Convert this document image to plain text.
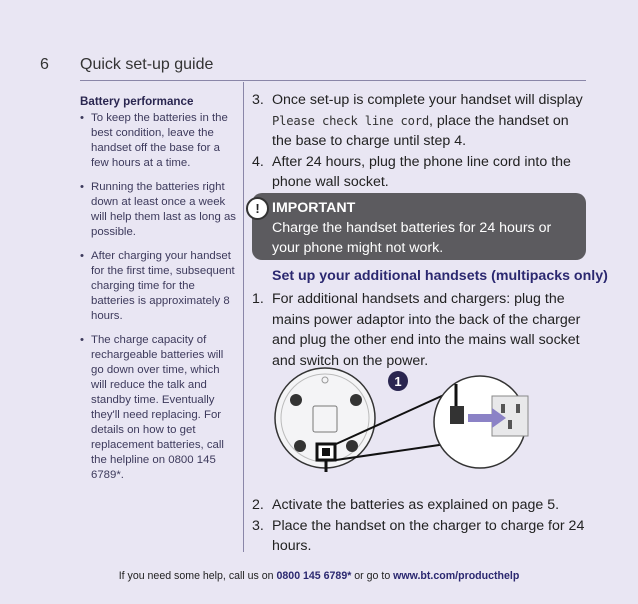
6 Quick set-up guide
Battery performance
• To keep the batteries in the best condition, leave the handset off the base for a few hours at a time.
• Running the batteries right down at least once a week will help them last as long as possible.
• After charging your handset for the first time, subsequent charging time for the batteries is approximately 8 hours.
• The charge capacity of rechargeable batteries will go down over time, which will reduce the talk and standby time. Eventually they'll need replacing. For details on how to get replacement batteries, call the helpline on 0800 145 6789*.
3. Once set-up is complete your handset will display
Please check line cord, place the handset on the base to charge until step 4.
4. After 24 hours, plug the phone line cord into the phone wall socket.
! IMPORTANT
Charge the handset batteries for 24 hours or your phone might not work.
Set up your additional handsets (multipacks only)
1. For additional handsets and chargers: plug the mains power adaptor into the back of the charger and plug the other end into the mains wall socket and switch on the power.
1
2. Activate the batteries as explained on page 5.
3. Place the handset on the charger to charge for 24 hours.
If you need some help, call us on 0800 145 6789* or go to www.bt.com/producthelp
